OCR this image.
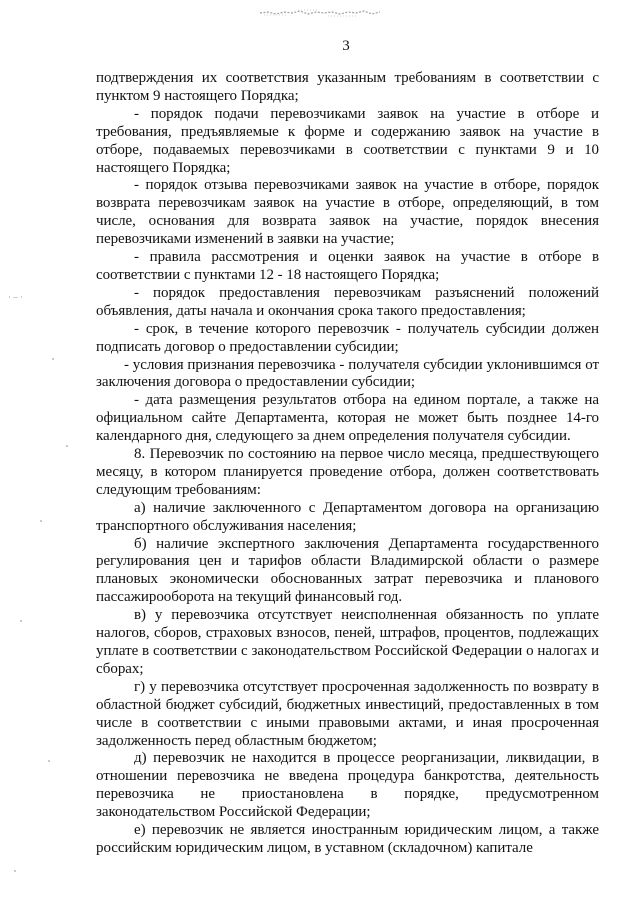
3
· – ·

подтверждения их соответствия указанным требованиям в соответствии с пунктом 9 настоящего Порядка;

- порядок подачи перевозчиками заявок на участие в отборе и требования, предъявляемые к форме и содержанию заявок на участие в отборе, подаваемых перевозчиками в соответствии с пунктами 9 и 10 настоящего Порядка;

- порядок отзыва перевозчиками заявок на участие в отборе, порядок возврата перевозчикам заявок на участие в отборе, определяющий, в том числе, основания для возврата заявок на участие, порядок внесения перевозчиками изменений в заявки на участие;

- правила рассмотрения и оценки заявок на участие в отборе в соответствии с пунктами 12 - 18 настоящего Порядка;

- порядок предоставления перевозчикам разъяснений положений объявления, даты начала и окончания срока такого предоставления;

- срок, в течение которого перевозчик - получатель субсидии должен подписать договор о предоставлении субсидии;

- условия признания перевозчика - получателя субсидии уклонившимся от заключения договора о предоставлении субсидии;

- дата размещения результатов отбора на едином портале, а также на официальном сайте Департамента, которая не может быть позднее 14-го календарного дня, следующего за днем определения получателя субсидии.

8. Перевозчик по состоянию на первое число месяца, предшествующего месяцу, в котором планируется проведение отбора, должен соответствовать следующим требованиям:

а) наличие заключенного с Департаментом договора на организацию транспортного обслуживания населения;

б) наличие экспертного заключения Департамента государственного регулирования цен и тарифов области Владимирской области о размере плановых экономически обоснованных затрат перевозчика и планового пассажирооборота на текущий финансовый год.

в) у перевозчика отсутствует неисполненная обязанность по уплате налогов, сборов, страховых взносов, пеней, штрафов, процентов, подлежащих уплате в соответствии с законодательством Российской Федерации о налогах и сборах;

г) у перевозчика отсутствует просроченная задолженность по возврату в областной бюджет субсидий, бюджетных инвестиций, предоставленных в том числе в соответствии с иными правовыми актами, и иная просроченная задолженность перед областным бюджетом;

д) перевозчик не находится в процессе реорганизации, ликвидации, в отношении перевозчика не введена процедура банкротства, деятельность перевозчика не приостановлена в порядке, предусмотренном законодательством Российской Федерации;

е) перевозчик не является иностранным юридическим лицом, а также российским юридическим лицом, в уставном (складочном) капитале
